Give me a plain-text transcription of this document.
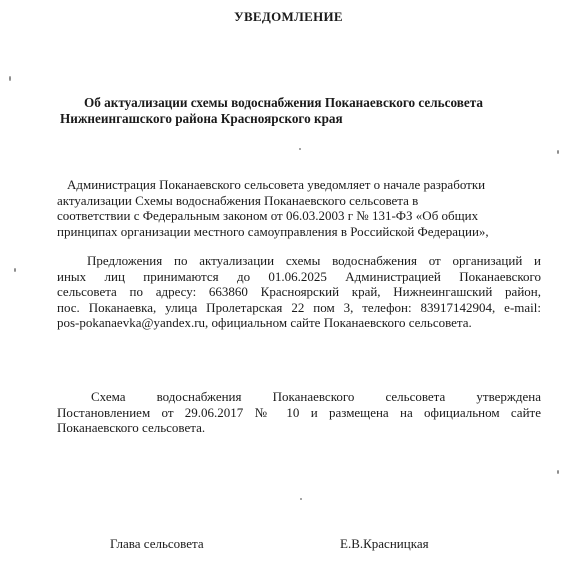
УВЕДОМЛЕНИЕ
Об актуализации схемы водоснабжения Поканаевского сельсовета
Нижнеингашского района Красноярского края
Администрация Поканаевского сельсовета уведомляет о начале разработки
актуализации Схемы водоснабжения Поканаевского сельсовета в
соответствии с Федеральным законом от 06.03.2003 г № 131-ФЗ «Об общих
принципах организации местного самоуправления в Российской Федерации»,
Предложения по актуализации схемы водоснабжения от организаций и
иных лиц принимаются до 01.06.2025 Администрацией Поканаевского
сельсовета по адресу: 663860 Красноярский край, Нижнеингашский район,
пос. Поканаевка, улица Пролетарская 22 пом 3, телефон: 83917142904, e-mail:
pos-pokanaevka@yandex.ru, официальном сайте Поканаевского сельсовета.
Схема водоснабжения Поканаевского сельсовета утверждена
Постановлением от 29.06.2017 № 10 и размещена на официальном сайте
Поканаевского сельсовета.
Глава сельсовета	Е.В.Красницкая
